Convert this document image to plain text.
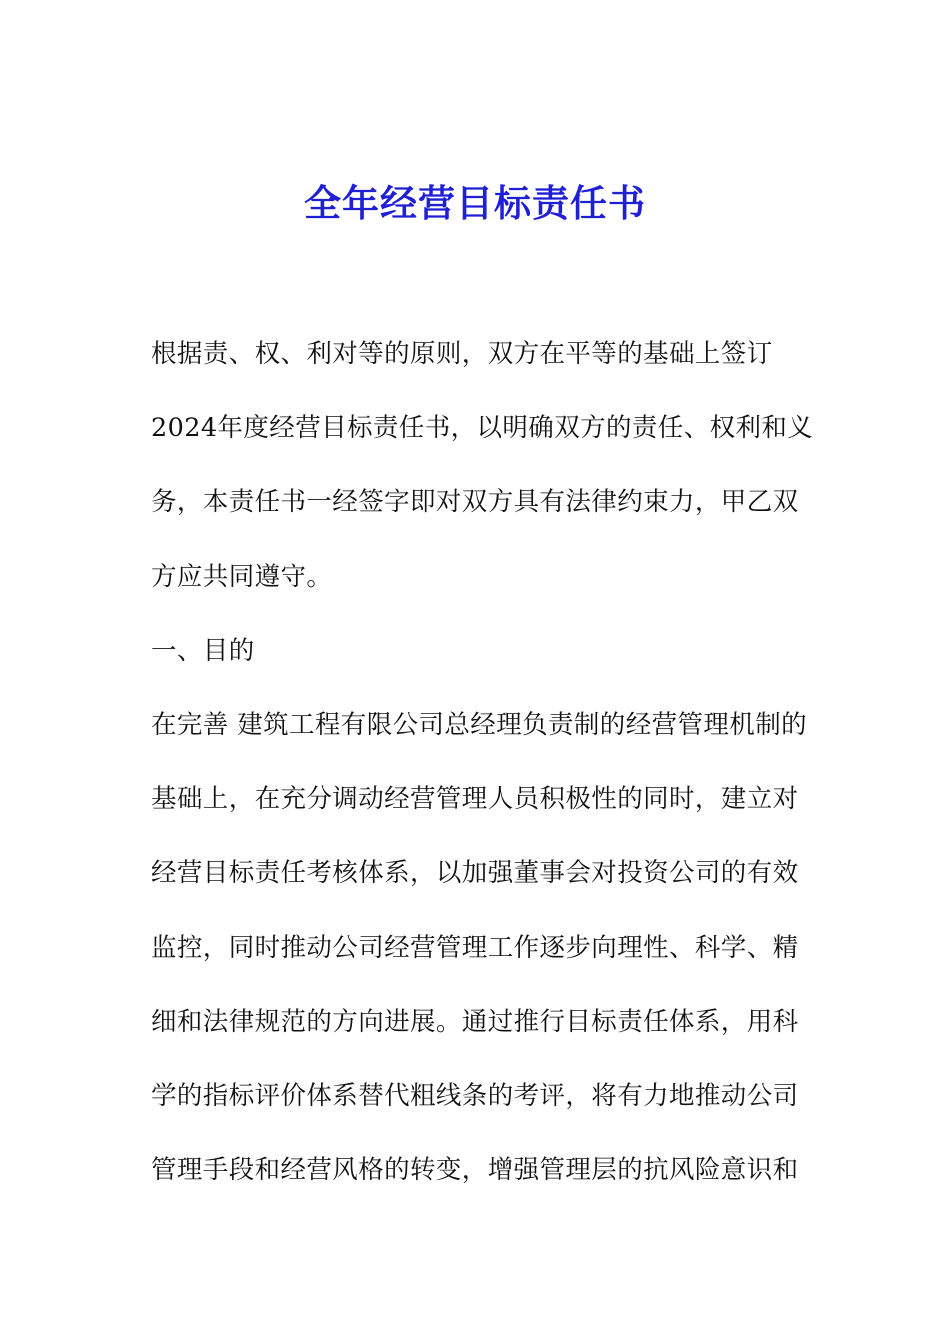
全年经营目标责任书
根据责、权、利对等的原则，双方在平等的基础上签订
2024年度经营目标责任书，以明确双方的责任、权利和义
务，本责任书一经签字即对双方具有法律约束力，甲乙双
方应共同遵守。
一、目的
在完善 建筑工程有限公司总经理负责制的经营管理机制的
基础上，在充分调动经营管理人员积极性的同时，建立对
经营目标责任考核体系，以加强董事会对投资公司的有效
监控，同时推动公司经营管理工作逐步向理性、科学、精
细和法律规范的方向进展。通过推行目标责任体系，用科
学的指标评价体系替代粗线条的考评，将有力地推动公司
管理手段和经营风格的转变，增强管理层的抗风险意识和
